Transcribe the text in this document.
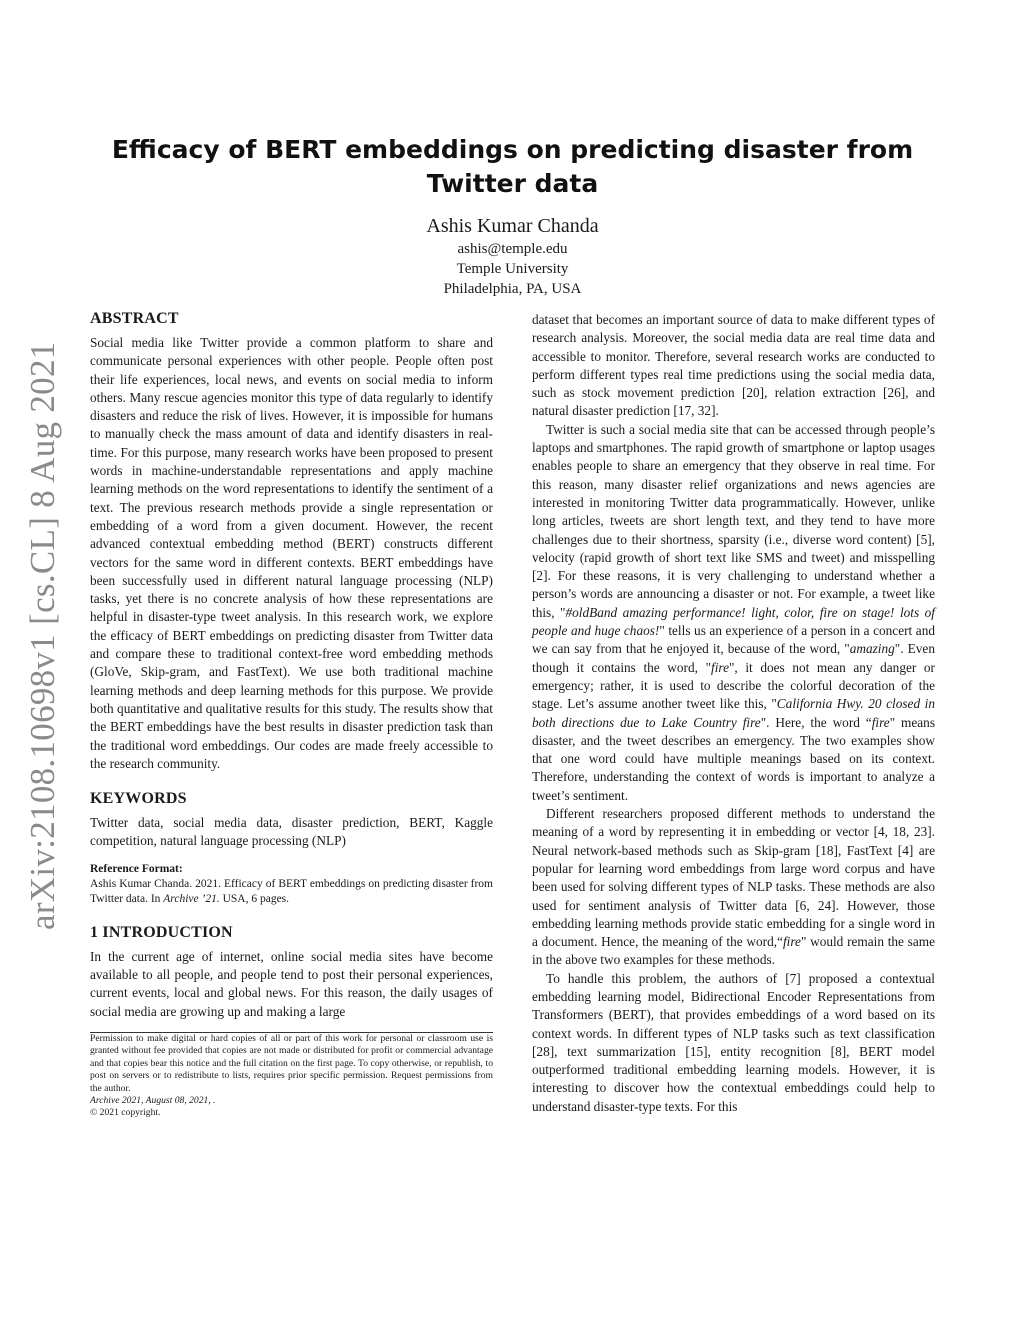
arXiv:2108.10698v1 [cs.CL] 8 Aug 2021
Efficacy of BERT embeddings on predicting disaster from
Twitter data
Ashis Kumar Chanda
ashis@temple.edu
Temple University
Philadelphia, PA, USA
ABSTRACT

Social media like Twitter provide a common platform to share and communicate personal experiences with other people. People often post their life experiences, local news, and events on social media to inform others. Many rescue agencies monitor this type of data regularly to identify disasters and reduce the risk of lives. However, it is impossible for humans to manually check the mass amount of data and identify disasters in real-time. For this purpose, many research works have been proposed to present words in machine-understandable representations and apply machine learning methods on the word representations to identify the sentiment of a text. The previous research methods provide a single representation or embedding of a word from a given document. However, the recent advanced contextual embedding method (BERT) constructs different vectors for the same word in different contexts. BERT embeddings have been successfully used in different natural language processing (NLP) tasks, yet there is no concrete analysis of how these representations are helpful in disaster-type tweet analysis. In this research work, we explore the efficacy of BERT embeddings on predicting disaster from Twitter data and compare these to traditional context-free word embedding methods (GloVe, Skip-gram, and FastText). We use both traditional machine learning methods and deep learning methods for this purpose. We provide both quantitative and qualitative results for this study. The results show that the BERT embeddings have the best results in disaster prediction task than the traditional word embeddings. Our codes are made freely accessible to the research community.

KEYWORDS

Twitter data, social media data, disaster prediction, BERT, Kaggle competition, natural language processing (NLP)

Reference Format:

Ashis Kumar Chanda. 2021. Efficacy of BERT embeddings on predicting disaster from Twitter data. In Archive ’21. USA, 6 pages.

1 INTRODUCTION

In the current age of internet, online social media sites have become available to all people, and people tend to post their personal experiences, current events, local and global news. For this reason, the daily usages of social media are growing up and making a large

Permission to make digital or hard copies of all or part of this work for personal or classroom use is granted without fee provided that copies are not made or distributed for profit or commercial advantage and that copies bear this notice and the full citation on the first page. To copy otherwise, or republish, to post on servers or to redistribute to lists, requires prior specific permission. Request permissions from the author.

Archive 2021, August 08, 2021, .

© 2021 copyright.

dataset that becomes an important source of data to make different types of research analysis. Moreover, the social media data are real time data and accessible to monitor. Therefore, several research works are conducted to perform different types real time predictions using the social media data, such as stock movement prediction [20], relation extraction [26], and natural disaster prediction [17, 32].

Twitter is such a social media site that can be accessed through people’s laptops and smartphones. The rapid growth of smartphone or laptop usages enables people to share an emergency that they observe in real time. For this reason, many disaster relief organizations and news agencies are interested in monitoring Twitter data programmatically. However, unlike long articles, tweets are short length text, and they tend to have more challenges due to their shortness, sparsity (i.e., diverse word content) [5], velocity (rapid growth of short text like SMS and tweet) and misspelling [2]. For these reasons, it is very challenging to understand whether a person’s words are announcing a disaster or not. For example, a tweet like this, "#oldBand amazing performance! light, color, fire on stage! lots of people and huge chaos!" tells us an experience of a person in a concert and we can say from that he enjoyed it, because of the word, "amazing". Even though it contains the word, "fire", it does not mean any danger or emergency; rather, it is used to describe the colorful decoration of the stage. Let’s assume another tweet like this, "California Hwy. 20 closed in both directions due to Lake Country fire". Here, the word “fire" means disaster, and the tweet describes an emergency. The two examples show that one word could have multiple meanings based on its context. Therefore, understanding the context of words is important to analyze a tweet’s sentiment.

Different researchers proposed different methods to understand the meaning of a word by representing it in embedding or vector [4, 18, 23]. Neural network-based methods such as Skip-gram [18], FastText [4] are popular for learning word embeddings from large word corpus and have been used for solving different types of NLP tasks. These methods are also used for sentiment analysis of Twitter data [6, 24]. However, those embedding learning methods provide static embedding for a single word in a document. Hence, the meaning of the word,“fire" would remain the same in the above two examples for these methods.

To handle this problem, the authors of [7] proposed a contextual embedding learning model, Bidirectional Encoder Representations from Transformers (BERT), that provides embeddings of a word based on its context words. In different types of NLP tasks such as text classification [28], text summarization [15], entity recognition [8], BERT model outperformed traditional embedding learning models. However, it is interesting to discover how the contextual embeddings could help to understand disaster-type texts. For this
